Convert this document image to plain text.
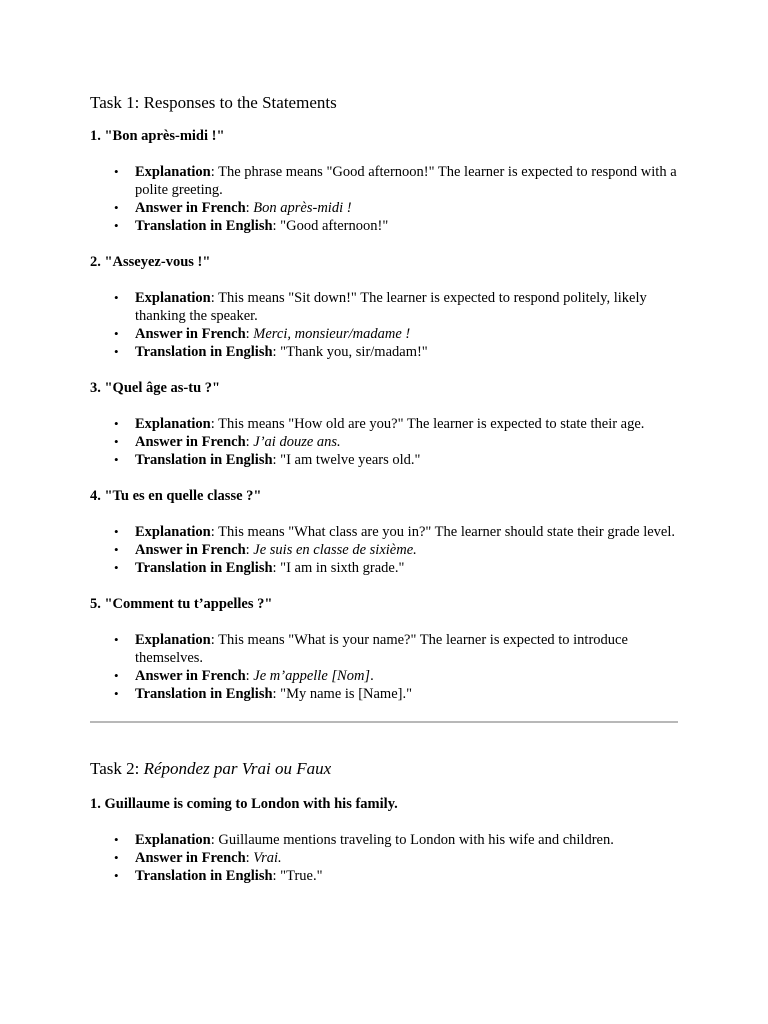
Task 1: Responses to the Statements
1. "Bon après-midi !"
• Explanation: The phrase means "Good afternoon!" The learner is expected to respond with a polite greeting.
• Answer in French: Bon après-midi !
• Translation in English: "Good afternoon!"
2. "Asseyez-vous !"
• Explanation: This means "Sit down!" The learner is expected to respond politely, likely thanking the speaker.
• Answer in French: Merci, monsieur/madame !
• Translation in English: "Thank you, sir/madam!"
3. "Quel âge as-tu ?"
• Explanation: This means "How old are you?" The learner is expected to state their age.
• Answer in French: J’ai douze ans.
• Translation in English: "I am twelve years old."
4. "Tu es en quelle classe ?"
• Explanation: This means "What class are you in?" The learner should state their grade level.
• Answer in French: Je suis en classe de sixième.
• Translation in English: "I am in sixth grade."
5. "Comment tu t’appelles ?"
• Explanation: This means "What is your name?" The learner is expected to introduce themselves.
• Answer in French: Je m’appelle [Nom].
• Translation in English: "My name is [Name]."
Task 2: Répondez par Vrai ou Faux
1. Guillaume is coming to London with his family.
• Explanation: Guillaume mentions traveling to London with his wife and children.
• Answer in French: Vrai.
• Translation in English: "True."
